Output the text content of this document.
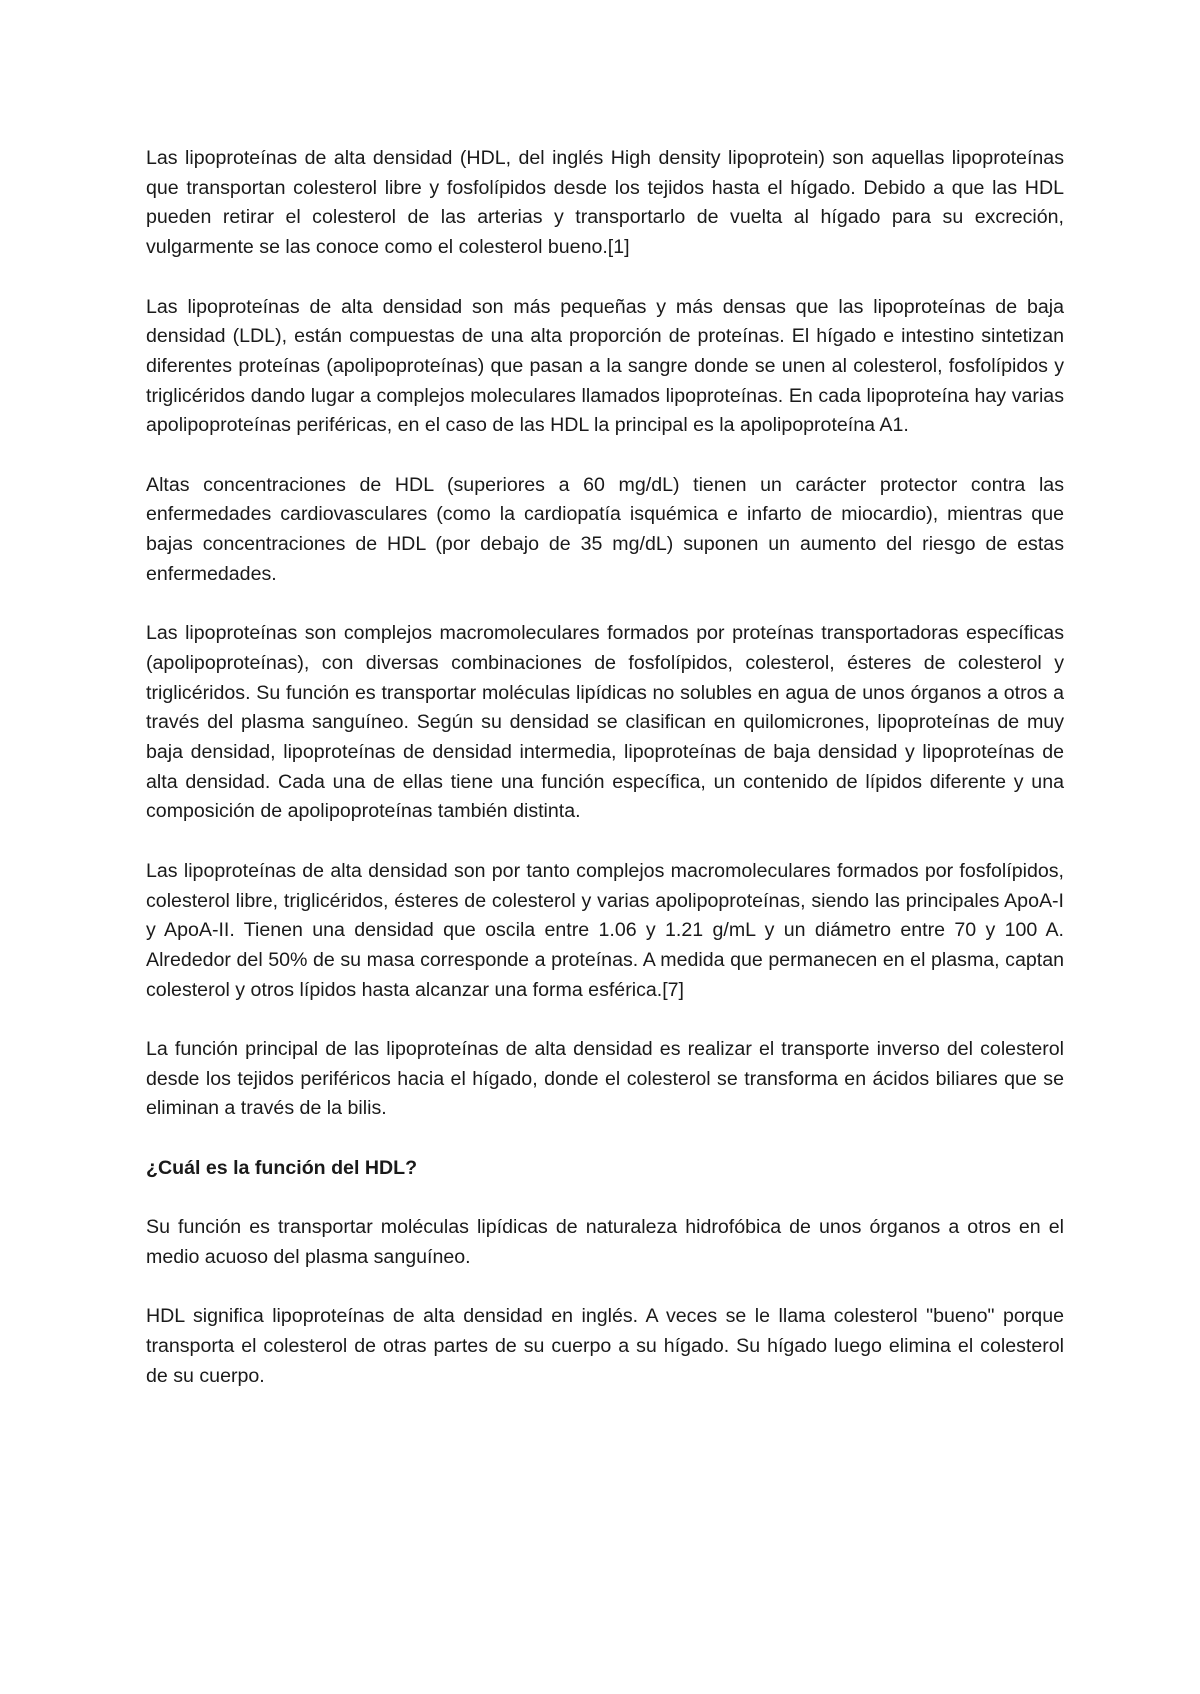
Las lipoproteínas de alta densidad (HDL, del inglés High density lipoprotein) son aquellas lipoproteínas que transportan colesterol libre y fosfolípidos desde los tejidos hasta el hígado. Debido a que las HDL pueden retirar el colesterol de las arterias y transportarlo de vuelta al hígado para su excreción, vulgarmente se las conoce como el colesterol bueno.[1]

Las lipoproteínas de alta densidad son más pequeñas y más densas que las lipoproteínas de baja densidad (LDL), están compuestas de una alta proporción de proteínas. El hígado e intestino sintetizan diferentes proteínas (apolipoproteínas) que pasan a la sangre donde se unen al colesterol, fosfolípidos y triglicéridos dando lugar a complejos moleculares llamados lipoproteínas. En cada lipoproteína hay varias apolipoproteínas periféricas, en el caso de las HDL la principal es la apolipoproteína A1.

Altas concentraciones de HDL (superiores a 60 mg/dL) tienen un carácter protector contra las enfermedades cardiovasculares (como la cardiopatía isquémica e infarto de miocardio), mientras que bajas concentraciones de HDL (por debajo de 35 mg/dL) suponen un aumento del riesgo de estas enfermedades.

Las lipoproteínas son complejos macromoleculares formados por proteínas transportadoras específicas (apolipoproteínas), con diversas combinaciones de fosfolípidos, colesterol, ésteres de colesterol y triglicéridos. Su función es transportar moléculas lipídicas no solubles en agua de unos órganos a otros a través del plasma sanguíneo. Según su densidad se clasifican en quilomicrones, lipoproteínas de muy baja densidad, lipoproteínas de densidad intermedia, lipoproteínas de baja densidad y lipoproteínas de alta densidad. Cada una de ellas tiene una función específica, un contenido de lípidos diferente y una composición de apolipoproteínas también distinta.

Las lipoproteínas de alta densidad son por tanto complejos macromoleculares formados por fosfolípidos, colesterol libre, triglicéridos, ésteres de colesterol y varias apolipoproteínas, siendo las principales ApoA-I y ApoA-II. Tienen una densidad que oscila entre 1.06 y 1.21 g/mL y un diámetro entre 70 y 100 A. Alrededor del 50% de su masa corresponde a proteínas. A medida que permanecen en el plasma, captan colesterol y otros lípidos hasta alcanzar una forma esférica.[7]

La función principal de las lipoproteínas de alta densidad es realizar el transporte inverso del colesterol desde los tejidos periféricos hacia el hígado, donde el colesterol se transforma en ácidos biliares que se eliminan a través de la bilis.

¿Cuál es la función del HDL?

Su función es transportar moléculas lipídicas de naturaleza hidrofóbica de unos órganos a otros en el medio acuoso del plasma sanguíneo.

HDL significa lipoproteínas de alta densidad en inglés. A veces se le llama colesterol "bueno" porque transporta el colesterol de otras partes de su cuerpo a su hígado. Su hígado luego elimina el colesterol de su cuerpo.
